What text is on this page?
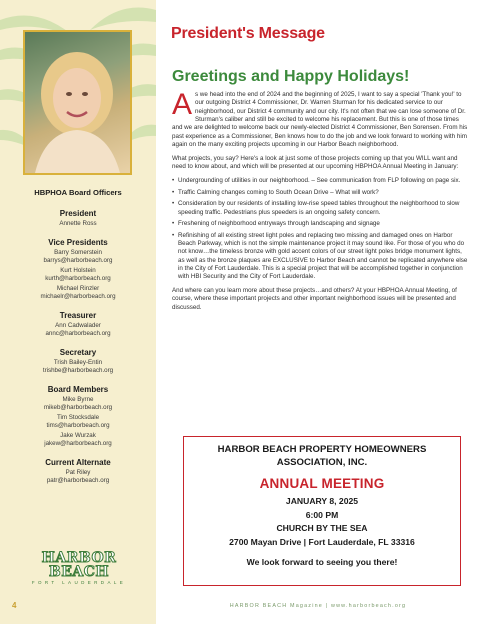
HBPHOA Board Officers
President
Annette Ross
Vice Presidents
Barry Somerstein
barrys@harborbeach.org
Kurt Holstein
kurth@harborbeach.org
Michael Rinzler
michaelr@harborbeach.org
Treasurer
Ann Cadwalader
annc@harborbeach.org
Secretary
Trish Bailey-Entin
trishbe@harborbeach.org
Board Members
Mike Byrne
mikeb@harborbeach.org
Tim Stocksdale
tims@harborbeach.org
Jake Wurzak
jakew@harborbeach.org
Current Alternate
Pat Riley
patr@harborbeach.org
HARBOR BEACH
FORT LAUDERDALE
4
President's Message
Greetings and Happy Holidays!

As we head into the end of 2024 and the beginning of 2025, I want to say a special 'Thank you!' to our outgoing District 4 Commissioner, Dr. Warren Sturman for his dedicated service to our neighborhood, our District 4 community and our city. It's not often that we can lose someone of Dr. Sturman's caliber and still be excited to welcome his replacement. But this is one of those times and we are delighted to welcome back our newly-elected District 4 Commissioner, Ben Sorensen. From his past experience as a Commissioner, Ben knows how to do the job and we look forward to working with him again on the many exciting projects upcoming in our Harbor Beach neighborhood.

What projects, you say? Here's a look at just some of those projects coming up that you WILL want and need to know about, and which will be presented at our upcoming HBPHOA Annual Meeting in January:

• Undergrounding of utilities in our neighborhood. – See communication from FLP following on page six.
• Traffic Calming changes coming to South Ocean Drive – What will work?
• Consideration by our residents of installing low-rise speed tables throughout the neighborhood to slow speeding traffic. Pedestrians plus speeders is an ongoing safety concern.
• Freshening of neighborhood entryways through landscaping and signage
• Refinishing of all existing street light poles and replacing two missing and damaged ones on Harbor Beach Parkway, which is not the simple maintenance project it may sound like. For those of you who do not know…the timeless bronze with gold accent colors of our street light poles bridge monument lights, as well as the bronze plaques are EXCLUSIVE to Harbor Beach and cannot be replicated anywhere else in the City of Fort Lauderdale. This is a special project that will be accomplished together in conjunction with HBI Security and the City of Fort Lauderdale.

And where can you learn more about these projects…and others? At your HBPHOA Annual Meeting, of course, where these important projects and other important neighborhood issues will be presented and discussed.

HARBOR BEACH PROPERTY HOMEOWNERS
ASSOCIATION, INC.
ANNUAL MEETING
JANUARY 8, 2025
6:00 PM
CHURCH BY THE SEA
2700 Mayan Drive | Fort Lauderdale, FL 33316
We look forward to seeing you there!
HARBOR BEACH Magazine | www.harborbeach.org
